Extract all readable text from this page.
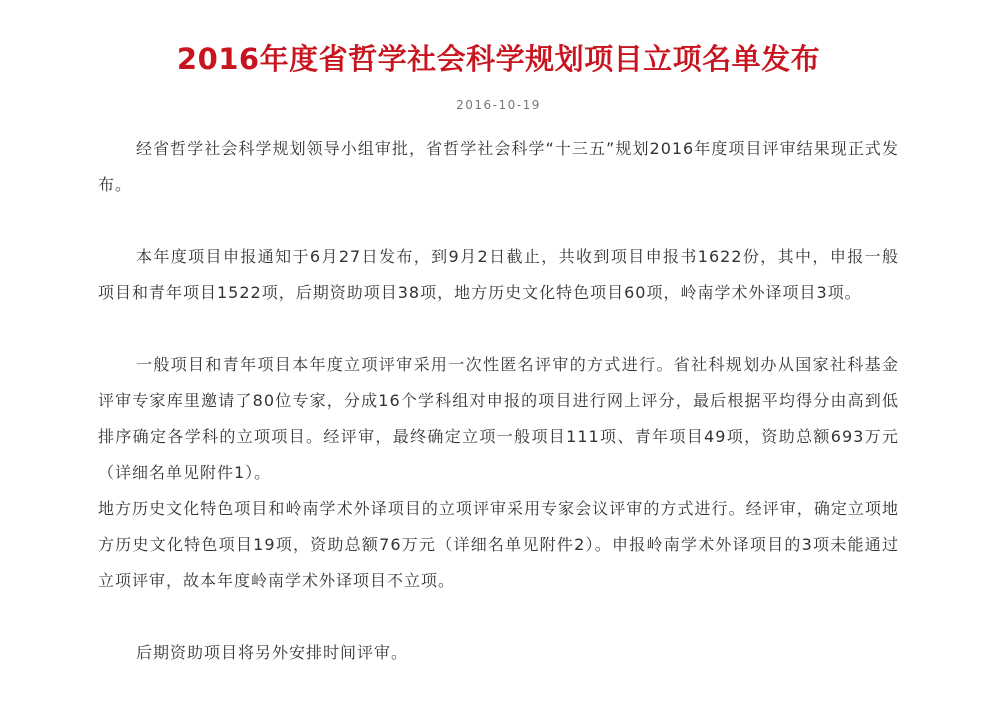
2016年度省哲学社会科学规划项目立项名单发布
2016-10-19

经省哲学社会科学规划领导小组审批，省哲学社会科学“十三五”规划2016年度项目评审结果现正式发布。

本年度项目申报通知于6月27日发布，到9月2日截止，共收到项目申报书1622份，其中，申报一般项目和青年项目1522项，后期资助项目38项，地方历史文化特色项目60项，岭南学术外译项目3项。

一般项目和青年项目本年度立项评审采用一次性匿名评审的方式进行。省社科规划办从国家社科基金评审专家库里邀请了80位专家，分成16个学科组对申报的项目进行网上评分，最后根据平均得分由高到低排序确定各学科的立项项目。经评审，最终确定立项一般项目111项、青年项目49项，资助总额693万元（详细名单见附件1）。

地方历史文化特色项目和岭南学术外译项目的立项评审采用专家会议评审的方式进行。经评审，确定立项地方历史文化特色项目19项，资助总额76万元（详细名单见附件2）。申报岭南学术外译项目的3项未能通过立项评审，故本年度岭南学术外译项目不立项。

后期资助项目将另外安排时间评审。
